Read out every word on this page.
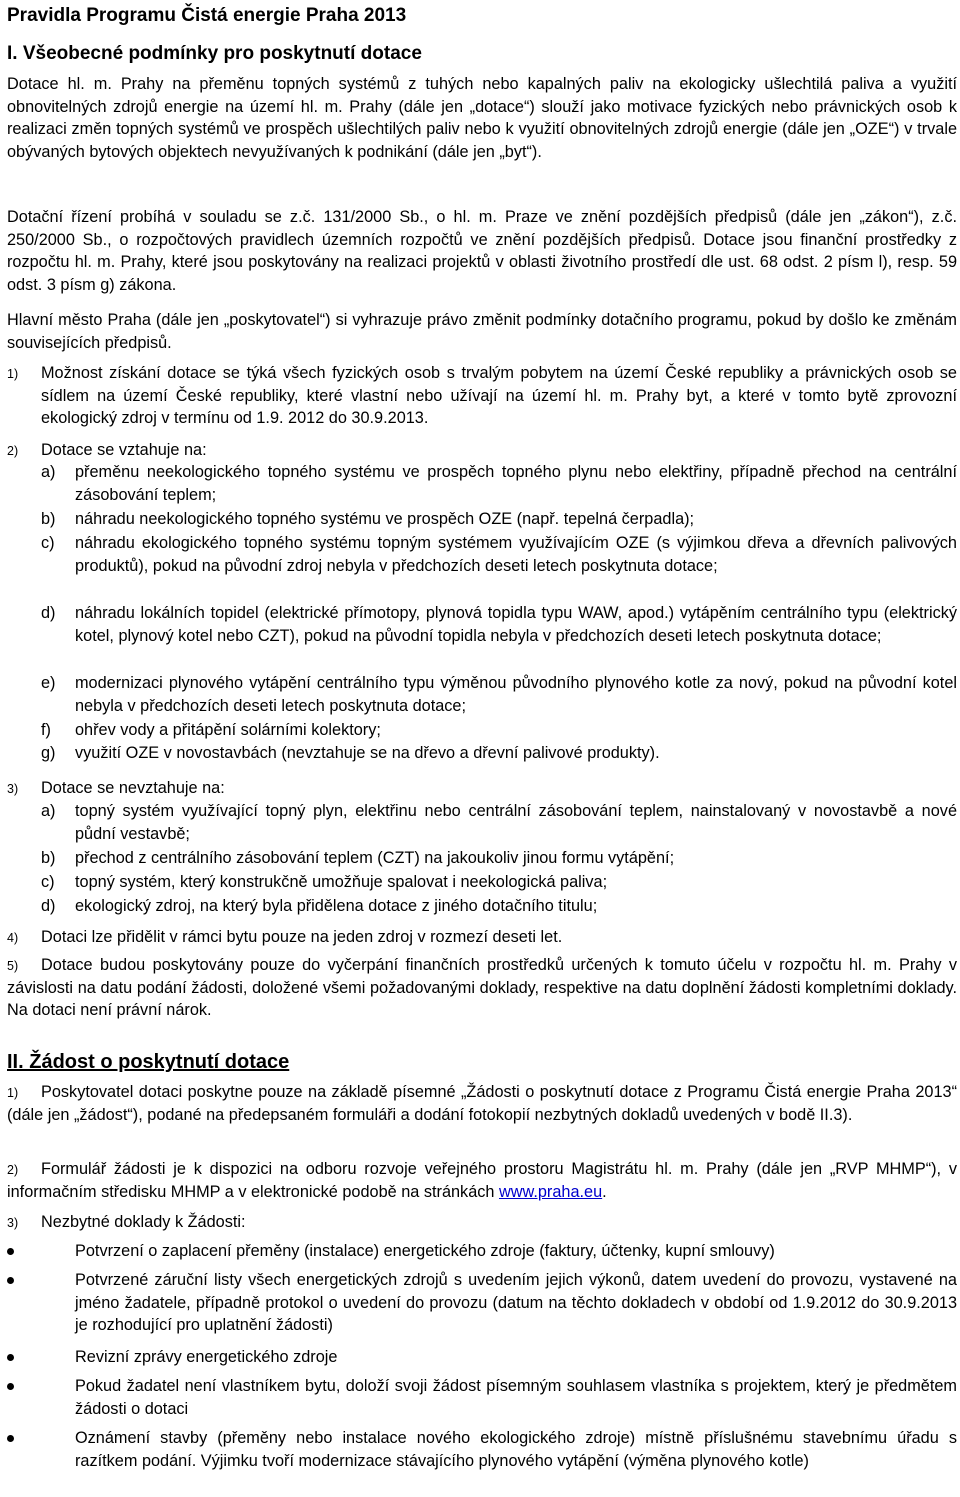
Pravidla Programu Čistá energie Praha 2013
I. Všeobecné podmínky pro poskytnutí dotace
Dotace hl. m. Prahy na přeměnu topných systémů z tuhých nebo kapalných paliv na ekologicky ušlechtilá paliva a využití obnovitelných zdrojů energie na území hl. m. Prahy (dále jen „dotace“) slouží jako motivace fyzických nebo právnických osob k realizaci změn topných systémů ve prospěch ušlechtilých paliv nebo k využití obnovitelných zdrojů energie (dále jen „OZE“) v trvale obývaných bytových objektech nevyužívaných k podnikání (dále jen „byt“).
Dotační řízení probíhá v souladu se z.č. 131/2000 Sb., o hl. m. Praze ve znění pozdějších předpisů (dále jen „zákon“), z.č. 250/2000 Sb., o rozpočtových pravidlech územních rozpočtů ve znění pozdějších předpisů. Dotace jsou finanční prostředky z rozpočtu hl. m. Prahy, které jsou poskytovány na realizaci projektů v oblasti životního prostředí dle ust. 68 odst. 2 písm l), resp. 59 odst. 3 písm g) zákona.
Hlavní město Praha (dále jen „poskytovatel“) si vyhrazuje právo změnit podmínky dotačního programu, pokud by došlo ke změnám souvisejících předpisů.
1) Možnost získání dotace se týká všech fyzických osob s trvalým pobytem na území České republiky a právnických osob se sídlem na území České republiky, které vlastní nebo užívají na území hl. m. Prahy byt, a které v tomto bytě zprovozní ekologický zdroj v termínu od 1.9. 2012 do 30.9.2013.
2) Dotace se vztahuje na:
a) přeměnu neekologického topného systému ve prospěch topného plynu nebo elektřiny, případně přechod na centrální zásobování teplem;
b) náhradu neekologického topného systému ve prospěch OZE (např. tepelná čerpadla);
c) náhradu ekologického topného systému topným systémem využívajícím OZE (s výjimkou dřeva a dřevních palivových produktů), pokud na původní zdroj nebyla v předchozích deseti letech poskytnuta dotace;
d) náhradu lokálních topidel (elektrické přímotopy, plynová topidla typu WAW, apod.) vytápěním centrálního typu (elektrický kotel, plynový kotel nebo CZT), pokud na původní topidla nebyla v předchozích deseti letech poskytnuta dotace;
e) modernizaci plynového vytápění centrálního typu výměnou původního plynového kotle za nový, pokud na původní kotel nebyla v předchozích deseti letech poskytnuta dotace;
f) ohřev vody a přitápění solárními kolektory;
g) využití OZE v novostavbách (nevztahuje se na dřevo a dřevní palivové produkty).
3) Dotace se nevztahuje na:
a) topný systém využívající topný plyn, elektřinu nebo centrální zásobování teplem, nainstalovaný v novostavbě a nové půdní vestavbě;
b) přechod z centrálního zásobování teplem (CZT) na jakoukoliv jinou formu vytápění;
c) topný systém, který konstrukčně umožňuje spalovat i neekologická paliva;
d) ekologický zdroj, na který byla přidělena dotace z jiného dotačního titulu;
4) Dotaci lze přidělit v rámci bytu pouze na jeden zdroj v rozmezí deseti let.
5)	Dotace budou poskytovány pouze do vyčerpání finančních prostředků určených k tomuto účelu v rozpočtu hl. m. Prahy v závislosti na datu podání žádosti, doložené všemi požadovanými doklady, respektive na datu doplnění žádosti kompletními doklady. Na dotaci není právní nárok.
II. Žádost o poskytnutí dotace
1)	Poskytovatel dotaci poskytne pouze na základě písemné „Žádosti o poskytnutí dotace z Programu Čistá energie Praha 2013“ (dále jen „žádost“), podané na předepsaném formuláři a dodání fotokopií nezbytných dokladů uvedených v bodě II.3).
2)	Formulář žádosti je k dispozici na odboru rozvoje veřejného prostoru Magistrátu hl. m. Prahy (dále jen „RVP MHMP“), v informačním středisku MHMP a v elektronické podobě na stránkách www.praha.eu.
3) Nezbytné doklady k Žádosti:
Potvrzení o zaplacení přeměny (instalace) energetického zdroje (faktury, účtenky, kupní smlouvy)
Potvrzené záruční listy všech energetických zdrojů s uvedením jejich výkonů, datem uvedení do provozu, vystavené na jméno žadatele, případně protokol o uvedení do provozu (datum na těchto dokladech v období od 1.9.2012 do 30.9.2013 je rozhodující pro uplatnění žádosti)
Revizní zprávy energetického zdroje
Pokud žadatel není vlastníkem bytu, doloží svoji žádost písemným souhlasem vlastníka s projektem, který je předmětem žádosti o dotaci
Oznámení stavby (přeměny nebo instalace nového ekologického zdroje) místně příslušnému stavebnímu úřadu s razítkem podání. Výjimku tvoří modernizace stávajícího plynového vytápění (výměna plynového kotle)
